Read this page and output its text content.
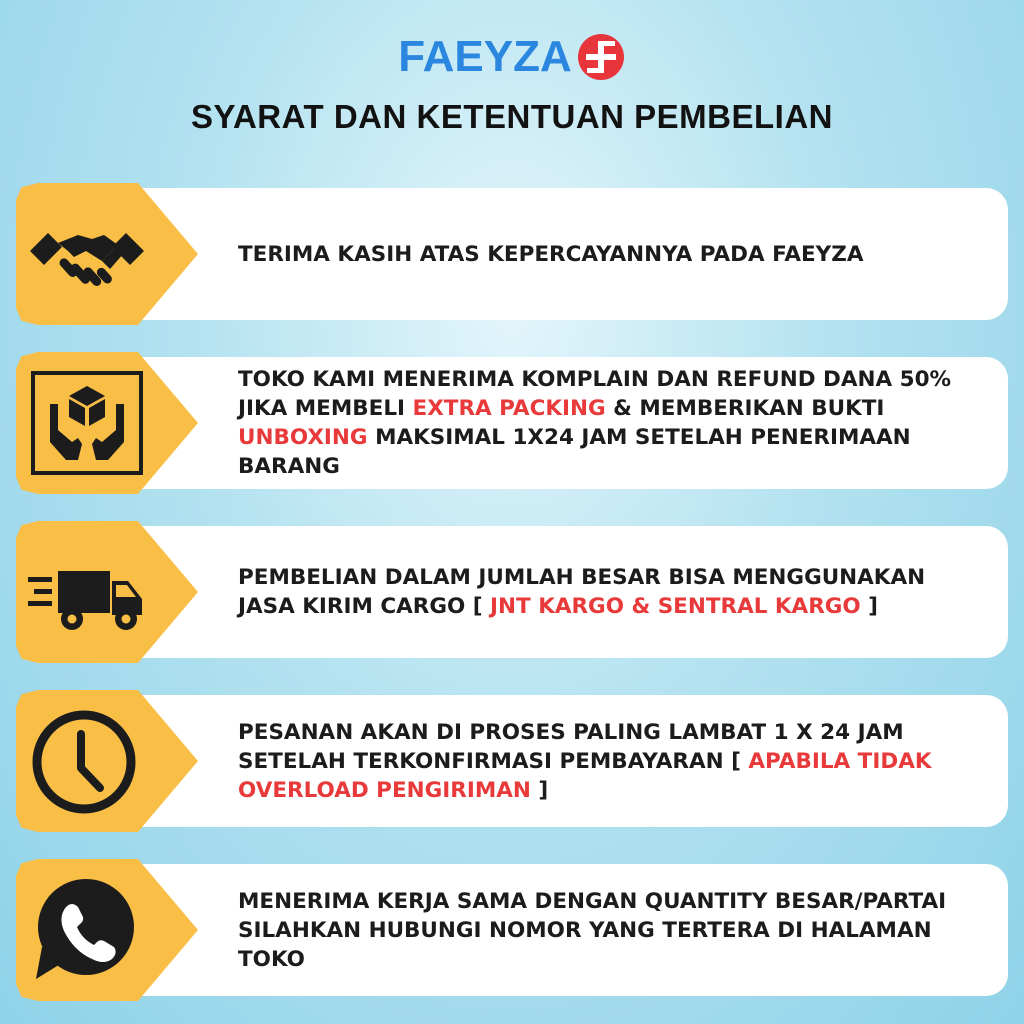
FAEYZA
SYARAT DAN KETENTUAN PEMBELIAN

TERIMA KASIH ATAS KEPERCAYANNYA PADA FAEYZA

TOKO KAMI MENERIMA KOMPLAIN DAN REFUND DANA 50% JIKA MEMBELI EXTRA PACKING & MEMBERIKAN BUKTI UNBOXING MAKSIMAL 1X24 JAM SETELAH PENERIMAAN BARANG

PEMBELIAN DALAM JUMLAH BESAR BISA MENGGUNAKAN JASA KIRIM CARGO [ JNT KARGO & SENTRAL KARGO ]

PESANAN AKAN DI PROSES PALING LAMBAT 1 X 24 JAM SETELAH TERKONFIRMASI PEMBAYARAN [ APABILA TIDAK OVERLOAD PENGIRIMAN ]

MENERIMA KERJA SAMA DENGAN QUANTITY BESAR/PARTAI SILAHKAN HUBUNGI NOMOR YANG TERTERA DI HALAMAN TOKO
